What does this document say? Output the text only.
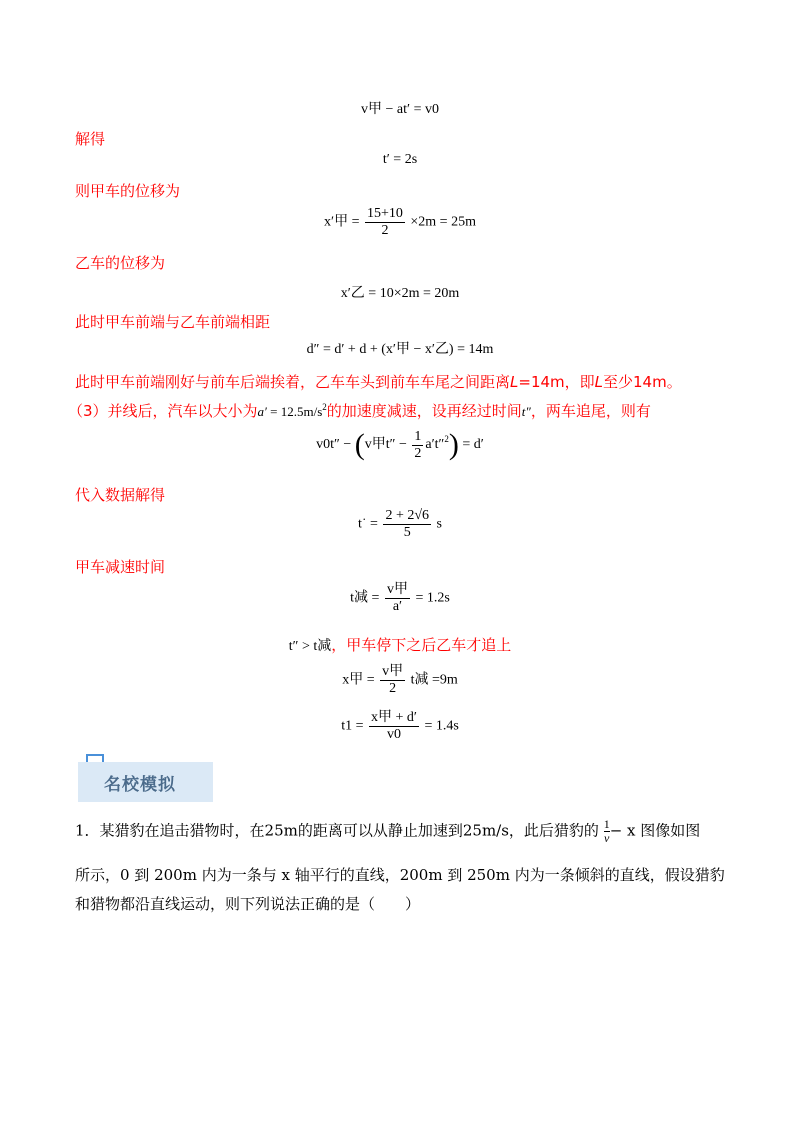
v甲 − at′ = v0
解得
t′ = 2s
则甲车的位移为
x′甲 = $\frac{15+10}{2} \times 2m = 25m$
乙车的位移为
x′乙 = 10×2m = 20m
此时甲车前端与乙车前端相距
d″ = d′ + d + (x′甲 − x′乙) = 14m
此时甲车前端刚好与前车后端挨着，乙车车头到前车车尾之间距离L=14m，即L至少14m。
（3）并线后，汽车以大小为$a' = 12.5m/s^2$的加速度减速，设再经过时间t″，两车追尾，则有
v0t″ − (v甲$t'' - \frac{1}{2} a't''^2) = d'$
代入数据解得
t˙ = $\frac{2 + 2√6}{5}$ s
甲车减速时间
t减 = $\frac{\text{v甲}}{a'} = 1.2s$
t″ > t减，甲车停下之后乙车才追上
x甲 = $\frac{\text{v甲}}{2}$ t减 =9m
$t1 = \frac{\text{x甲 + d′}}{v0} = 1.4s$
名校模拟
1．某猎豹在追击猎物时，在25m的距离可以从静止加速到25m/s，此后猎豹的 $\frac{1}{v} - x$ 图像如图
所示，0 到 200m 内为一条与 x 轴平行的直线，200m 到 250m 内为一条倾斜的直线，假设猎豹
和猎物都沿直线运动，则下列说法正确的是（　　）
